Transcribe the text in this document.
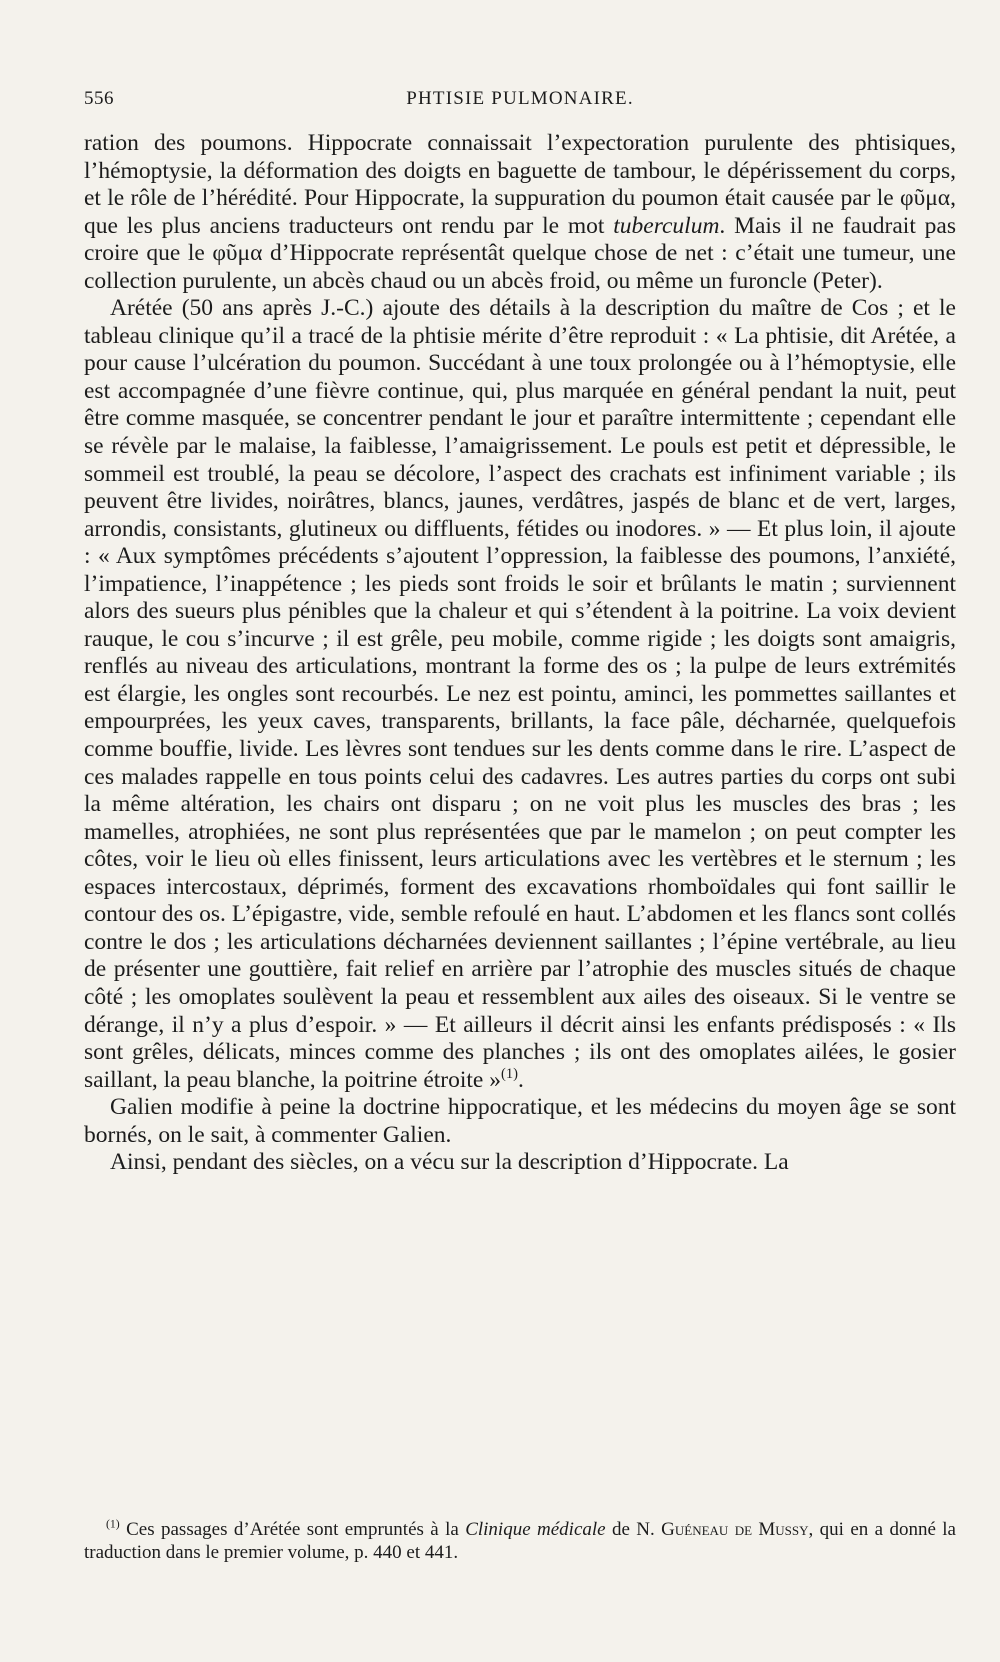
556	PHTISIE PULMONAIRE.

ration des poumons. Hippocrate connaissait l’expectoration purulente des phtisiques, l’hémoptysie, la déformation des doigts en baguette de tambour, le dépérissement du corps, et le rôle de l’hérédité. Pour Hippocrate, la suppuration du poumon était causée par le φῦμα, que les plus anciens traducteurs ont rendu par le mot tuberculum. Mais il ne faudrait pas croire que le φῦμα d’Hippocrate représentât quelque chose de net : c’était une tumeur, une collection purulente, un abcès chaud ou un abcès froid, ou même un furoncle (Peter).

Arétée (50 ans après J.-C.) ajoute des détails à la description du maître de Cos ; et le tableau clinique qu’il a tracé de la phtisie mérite d’être reproduit : « La phtisie, dit Arétée, a pour cause l’ulcération du poumon. Succédant à une toux prolongée ou à l’hémoptysie, elle est accompagnée d’une fièvre continue, qui, plus marquée en général pendant la nuit, peut être comme masquée, se concentrer pendant le jour et paraître intermittente ; cependant elle se révèle par le malaise, la faiblesse, l’amaigrissement. Le pouls est petit et dépressible, le sommeil est troublé, la peau se décolore, l’aspect des crachats est infiniment variable ; ils peuvent être livides, noirâtres, blancs, jaunes, verdâtres, jaspés de blanc et de vert, larges, arrondis, consistants, glutineux ou diffluents, fétides ou inodores. » — Et plus loin, il ajoute : « Aux symptômes précédents s’ajoutent l’oppression, la faiblesse des poumons, l’anxiété, l’impatience, l’inappétence ; les pieds sont froids le soir et brûlants le matin ; surviennent alors des sueurs plus pénibles que la chaleur et qui s’étendent à la poitrine. La voix devient rauque, le cou s’incurve ; il est grêle, peu mobile, comme rigide ; les doigts sont amaigris, renflés au niveau des articulations, montrant la forme des os ; la pulpe de leurs extrémités est élargie, les ongles sont recourbés. Le nez est pointu, aminci, les pommettes saillantes et empourprées, les yeux caves, transparents, brillants, la face pâle, décharnée, quelquefois comme bouffie, livide. Les lèvres sont tendues sur les dents comme dans le rire. L’aspect de ces malades rappelle en tous points celui des cadavres. Les autres parties du corps ont subi la même altération, les chairs ont disparu ; on ne voit plus les muscles des bras ; les mamelles, atrophiées, ne sont plus représentées que par le mamelon ; on peut compter les côtes, voir le lieu où elles finissent, leurs articulations avec les vertèbres et le sternum ; les espaces intercostaux, déprimés, forment des excavations rhomboïdales qui font saillir le contour des os. L’épigastre, vide, semble refoulé en haut. L’abdomen et les flancs sont collés contre le dos ; les articulations décharnées deviennent saillantes ; l’épine vertébrale, au lieu de présenter une gouttière, fait relief en arrière par l’atrophie des muscles situés de chaque côté ; les omoplates soulèvent la peau et ressemblent aux ailes des oiseaux. Si le ventre se dérange, il n’y a plus d’espoir. » — Et ailleurs il décrit ainsi les enfants prédisposés : « Ils sont grêles, délicats, minces comme des planches ; ils ont des omoplates ailées, le gosier saillant, la peau blanche, la poitrine étroite »$^{(1)}$.

Galien modifie à peine la doctrine hippocratique, et les médecins du moyen âge se sont bornés, on le sait, à commenter Galien.

Ainsi, pendant des siècles, on a vécu sur la description d’Hippocrate. La

$^{(1)}$ Ces passages d’Arétée sont empruntés à la Clinique médicale de N. Guéneau de Mussy, qui en a donné la traduction dans le premier volume, p. 440 et 441.
